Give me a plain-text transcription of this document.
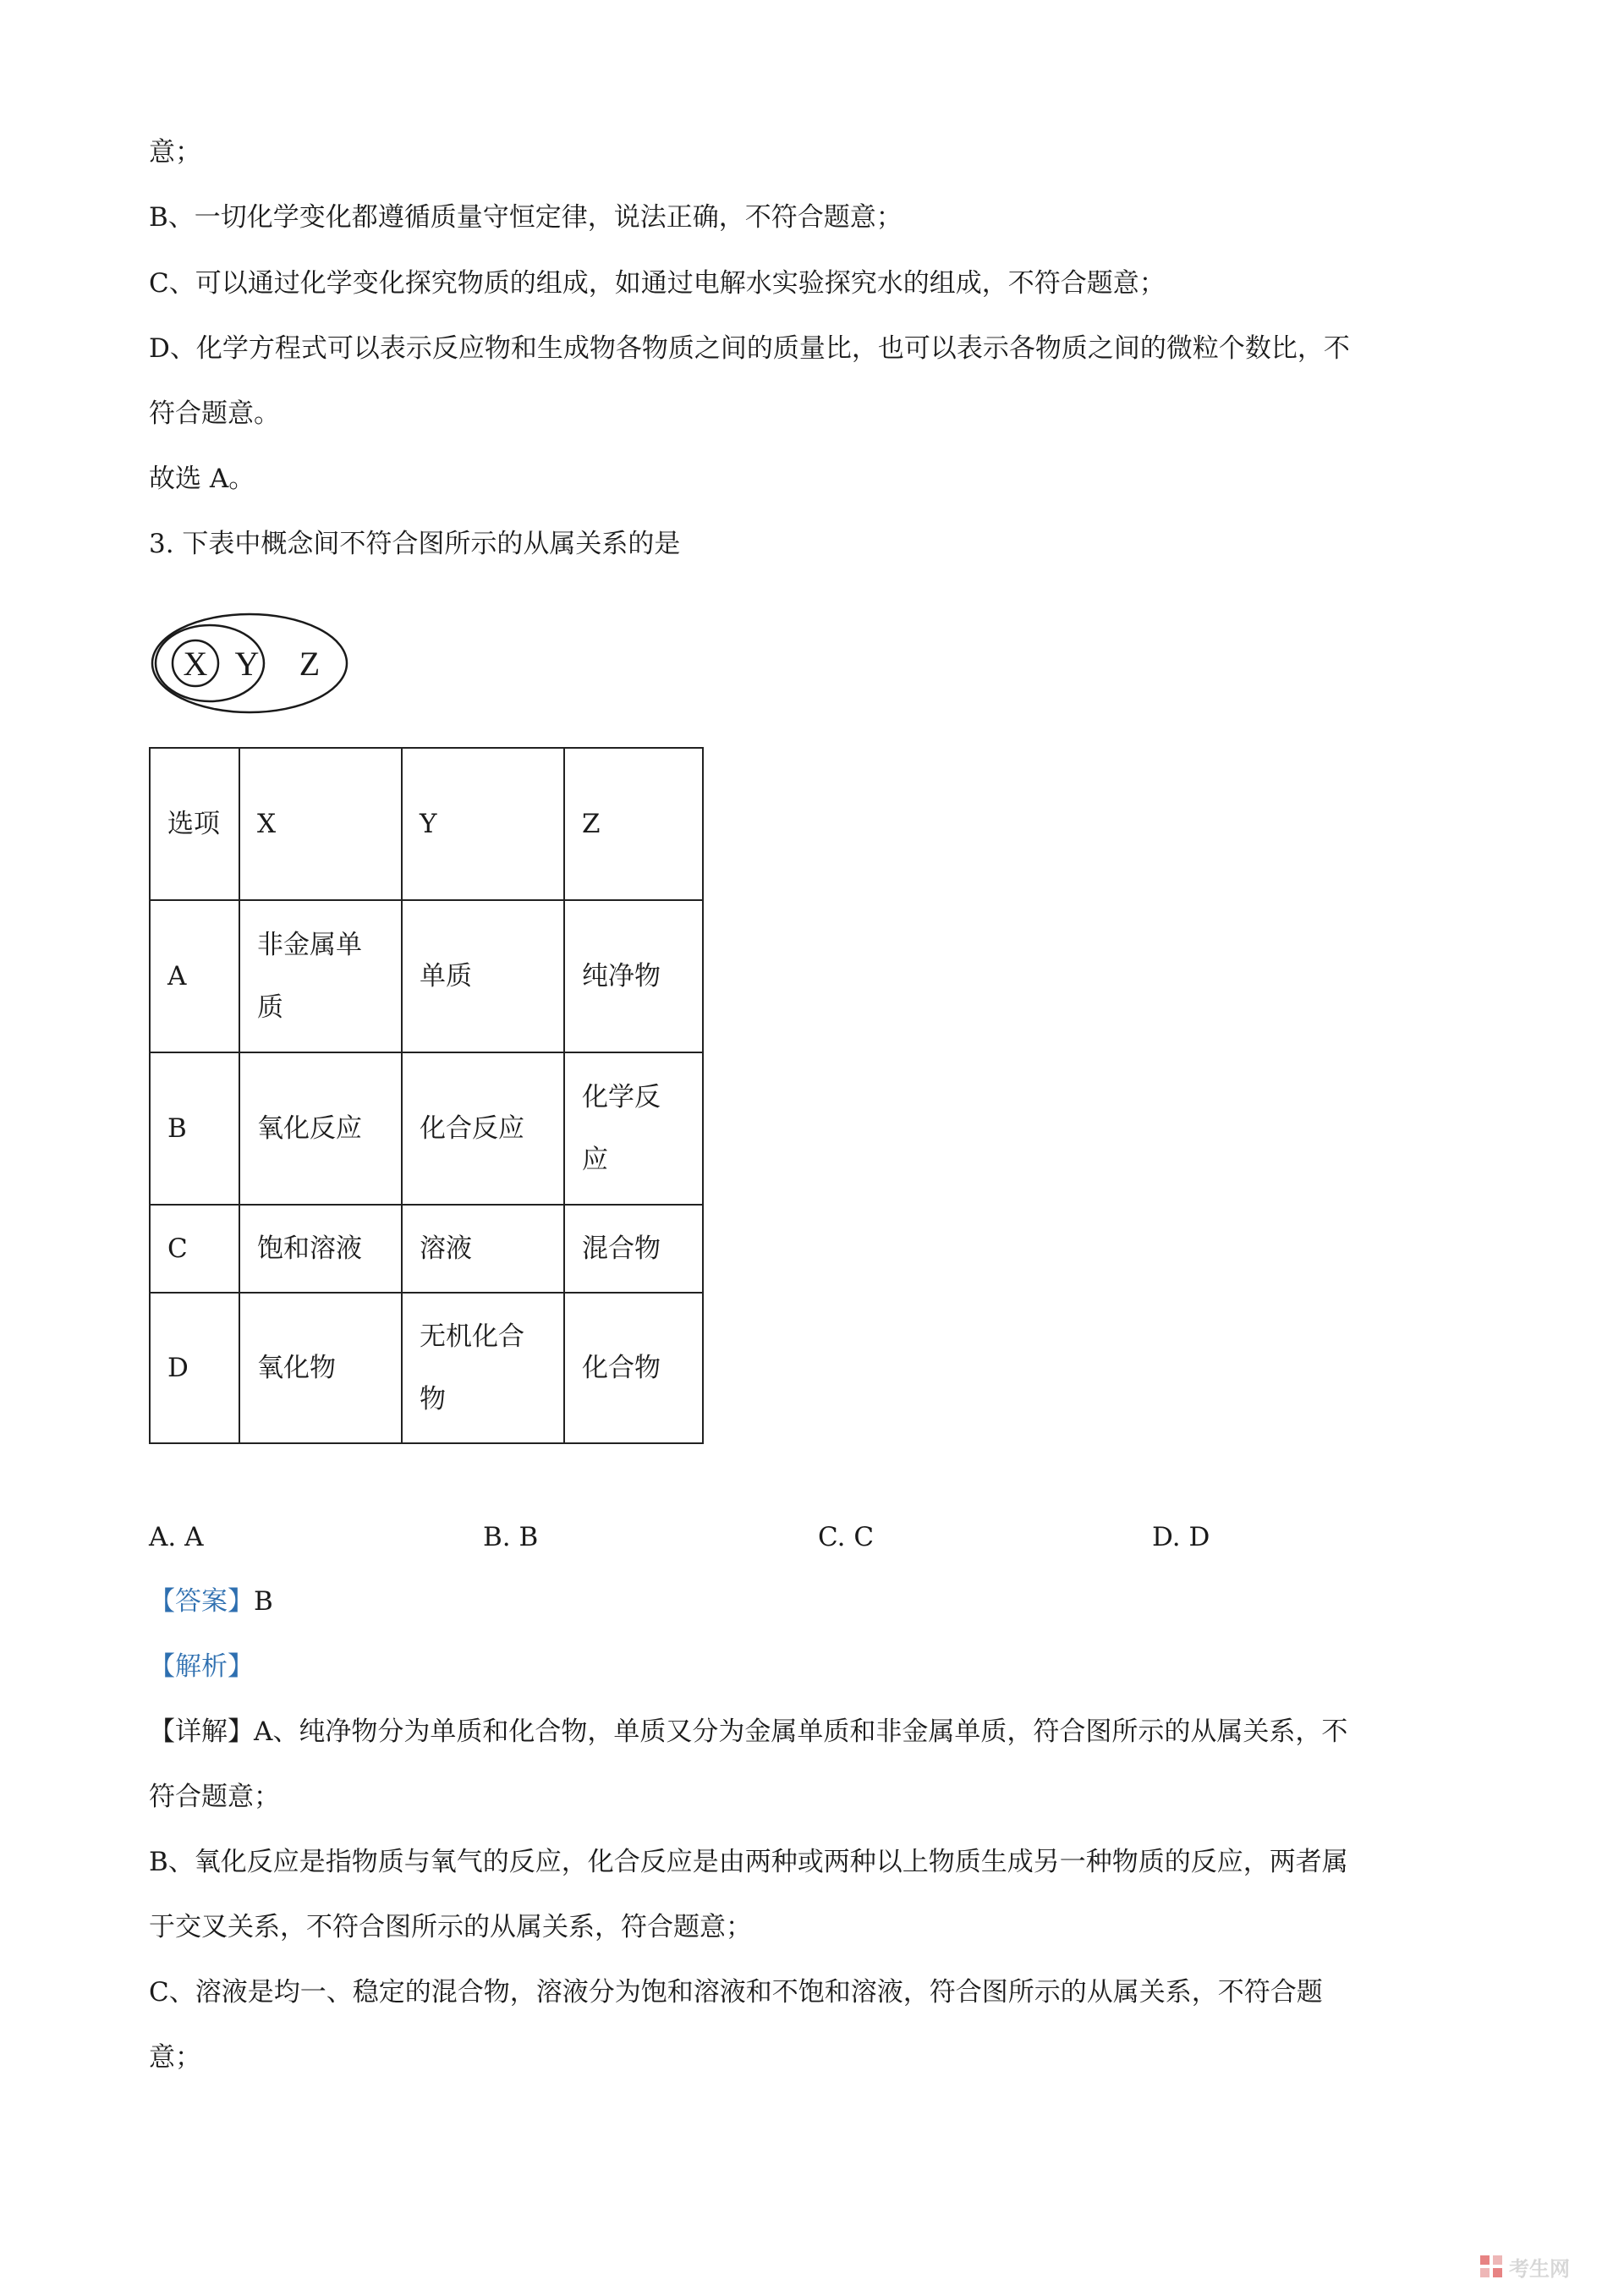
意；
B、一切化学变化都遵循质量守恒定律，说法正确，不符合题意；
C、可以通过化学变化探究物质的组成，如通过电解水实验探究水的组成，不符合题意；
D、化学方程式可以表示反应物和生成物各物质之间的质量比，也可以表示各物质之间的微粒个数比，不
符合题意。
故选 A。
3. 下表中概念间不符合图所示的从属关系的是
X Y Z
选项	X	Y	Z
A	非金属单质	单质	纯净物
B	氧化反应	化合反应	化学反应
C	饱和溶液	溶液	混合物
D	氧化物	无机化合物	化合物
A. A	B. B	C. C	D. D
【答案】B
【解析】
【详解】A、纯净物分为单质和化合物，单质又分为金属单质和非金属单质，符合图所示的从属关系，不
符合题意；
B、氧化反应是指物质与氧气的反应，化合反应是由两种或两种以上物质生成另一种物质的反应，两者属
于交叉关系，不符合图所示的从属关系，符合题意；
C、溶液是均一、稳定的混合物，溶液分为饱和溶液和不饱和溶液，符合图所示的从属关系，不符合题
意；
考生网
